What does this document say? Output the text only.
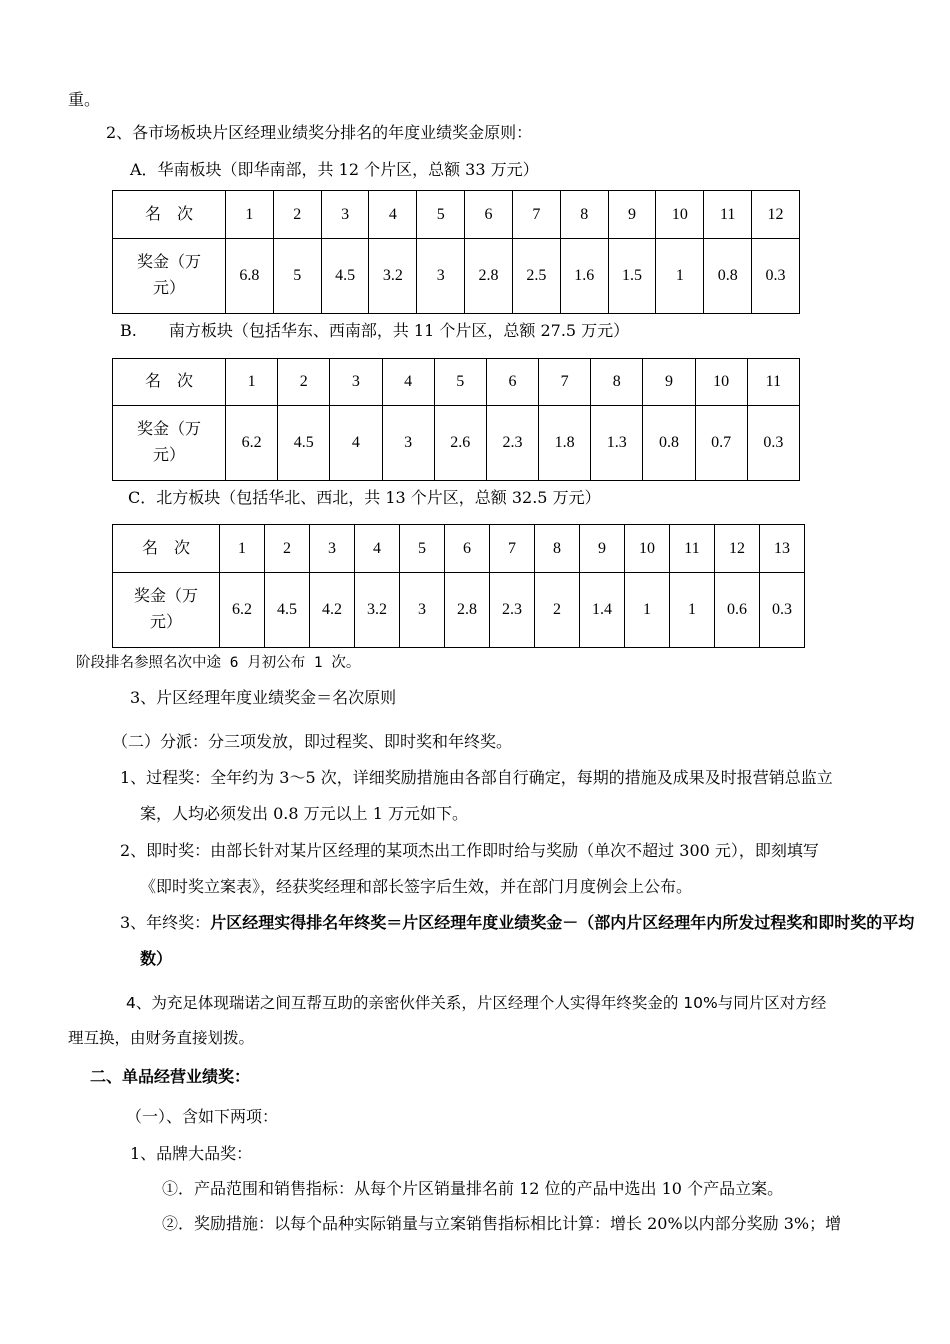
重。
2、各市场板块片区经理业绩奖分排名的年度业绩奖金原则：
A．华南板块（即华南部，共 12 个片区，总额 33 万元）
名　次	1	2	3	4	5	6	7	8	9	10	11	12

奖金（万
元）	6.8	5	4.5	3.2	3	2.8	2.5	1.6	1.5	1	0.8	0.3
B.　　南方板块（包括华东、西南部，共 11 个片区，总额 27.5 万元）
名　次	1	2	3	4	5	6	7	8	9	10	11

奖金（万
元）	6.2	4.5	4	3	2.6	2.3	1.8	1.3	0.8	0.7	0.3
C．北方板块（包括华北、西北，共 13 个片区，总额 32.5 万元）
名　次	1	2	3	4	5	6	7	8	9	10	11	12	13

奖金（万
元）	6.2	4.5	4.2	3.2	3	2.8	2.3	2	1.4	1	1	0.6	0.3
阶段排名参照名次中途 6 月初公布 1 次。
3、片区经理年度业绩奖金＝名次原则
（二）分派：分三项发放，即过程奖、即时奖和年终奖。
1、过程奖：全年约为 3～5 次，详细奖励措施由各部自行确定，每期的措施及成果及时报营销总监立
案，人均必须发出 0.8 万元以上 1 万元如下。
2、即时奖：由部长针对某片区经理的某项杰出工作即时给与奖励（单次不超过 300 元），即刻填写
《即时奖立案表》，经获奖经理和部长签字后生效，并在部门月度例会上公布。
3、年终奖：片区经理实得排名年终奖＝片区经理年度业绩奖金－（部内片区经理年内所发过程奖和即时奖的平均
数）
4、为充足体现瑞诺之间互帮互助的亲密伙伴关系，片区经理个人实得年终奖金的 10%与同片区对方经
理互换，由财务直接划拨。
二、单品经营业绩奖：
（一）、含如下两项：
1、品牌大品奖：
①．产品范围和销售指标：从每个片区销量排名前 12 位的产品中选出 10 个产品立案。
②．奖励措施：以每个品种实际销量与立案销售指标相比计算：增长 20%以内部分奖励 3%；增
